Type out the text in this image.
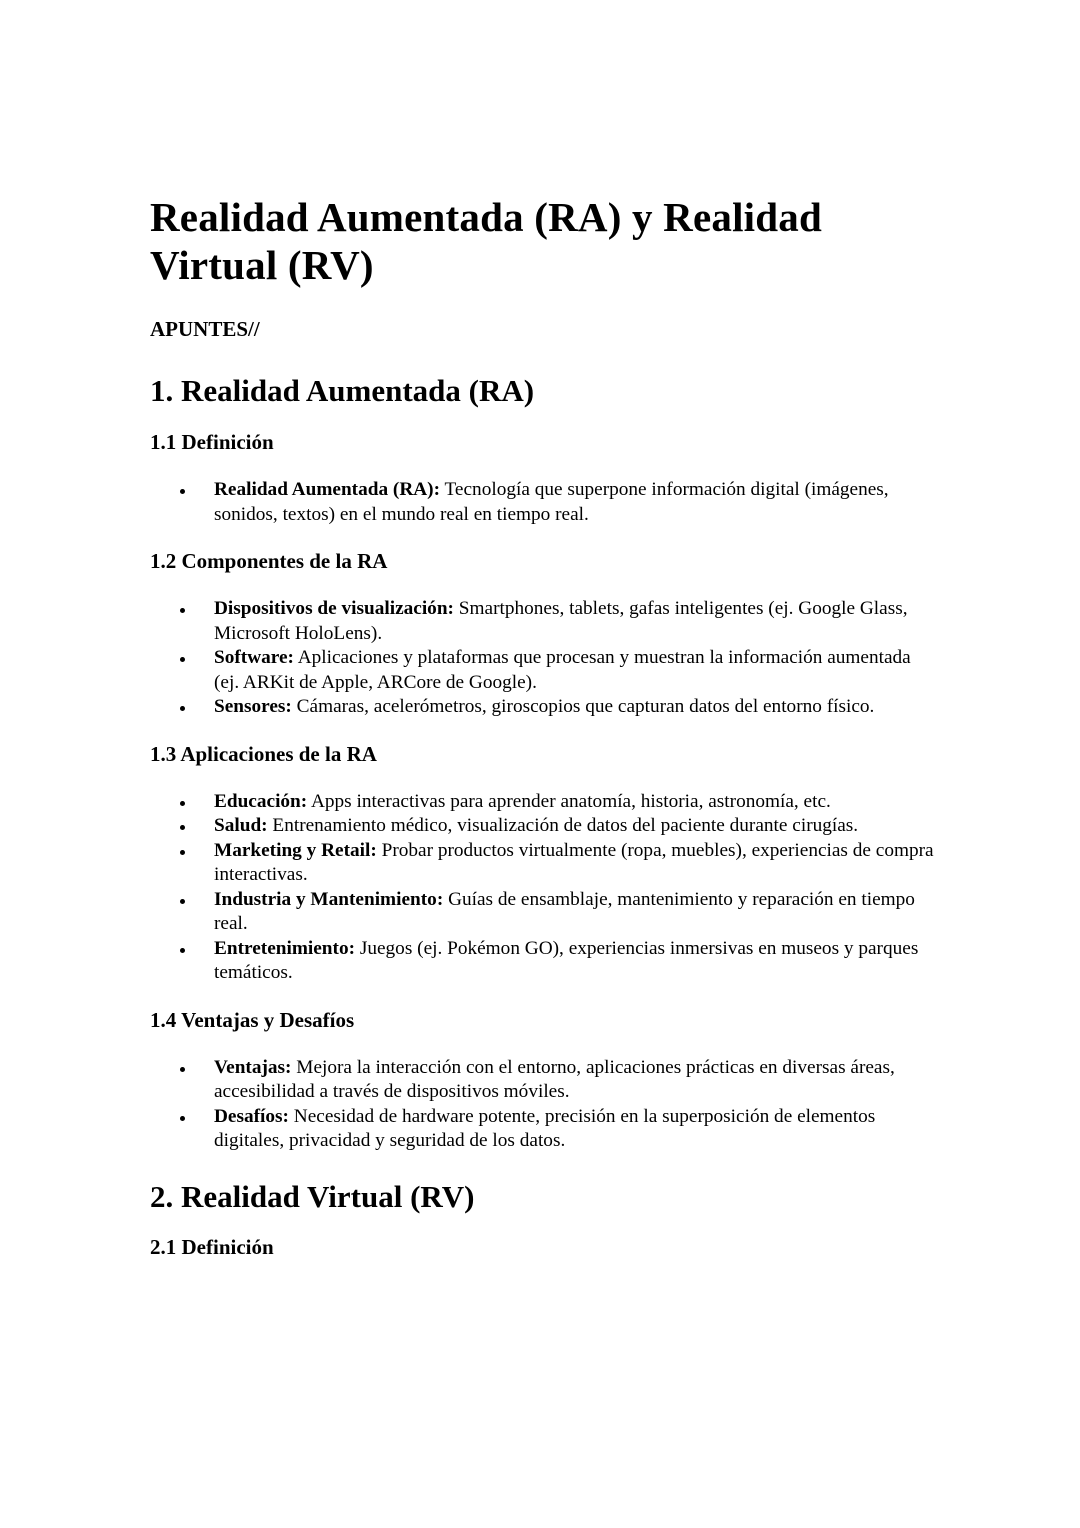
Realidad Aumentada (RA) y Realidad Virtual (RV)
APUNTES//
1. Realidad Aumentada (RA)
1.1 Definición
Realidad Aumentada (RA): Tecnología que superpone información digital (imágenes, sonidos, textos) en el mundo real en tiempo real.
1.2 Componentes de la RA
Dispositivos de visualización: Smartphones, tablets, gafas inteligentes (ej. Google Glass, Microsoft HoloLens).
Software: Aplicaciones y plataformas que procesan y muestran la información aumentada (ej. ARKit de Apple, ARCore de Google).
Sensores: Cámaras, acelerómetros, giroscopios que capturan datos del entorno físico.
1.3 Aplicaciones de la RA
Educación: Apps interactivas para aprender anatomía, historia, astronomía, etc.
Salud: Entrenamiento médico, visualización de datos del paciente durante cirugías.
Marketing y Retail: Probar productos virtualmente (ropa, muebles), experiencias de compra interactivas.
Industria y Mantenimiento: Guías de ensamblaje, mantenimiento y reparación en tiempo real.
Entretenimiento: Juegos (ej. Pokémon GO), experiencias inmersivas en museos y parques temáticos.
1.4 Ventajas y Desafíos
Ventajas: Mejora la interacción con el entorno, aplicaciones prácticas en diversas áreas, accesibilidad a través de dispositivos móviles.
Desafíos: Necesidad de hardware potente, precisión en la superposición de elementos digitales, privacidad y seguridad de los datos.
2. Realidad Virtual (RV)
2.1 Definición
